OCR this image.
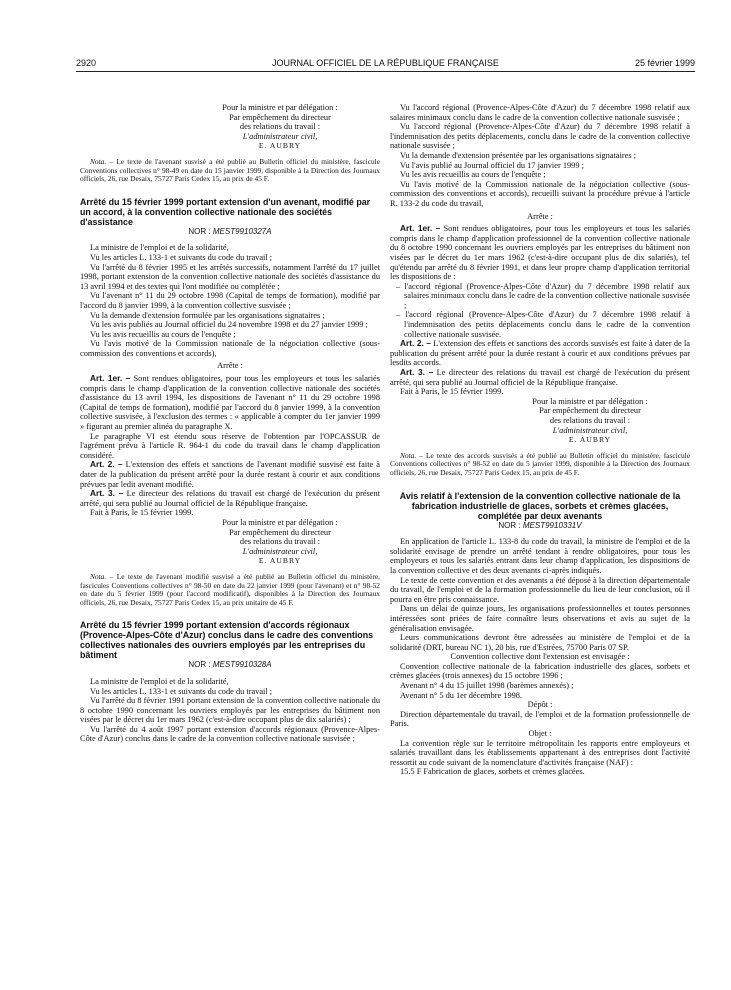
2920	JOURNAL OFFICIEL DE LA RÉPUBLIQUE FRANÇAISE	25 février 1999

Pour la ministre et par délégation :

Par empêchement du directeur

des relations du travail :

L'administrateur civil,

E. AUBRY

Nota. – Le texte de l'avenant susvisé a été publié au Bulletin officiel du ministère, fascicule Conventions collectives n° 98-49 en date du 15 janvier 1999, disponible à la Direction des Journaux officiels, 26, rue Desaix, 75727 Paris Cedex 15, au prix de 45 F.

Arrêté du 15 février 1999 portant extension d'un avenant, modifié par un accord, à la convention collective nationale des sociétés d'assistance

NOR : MESТ9910327A

La ministre de l'emploi et de la solidarité,

Vu les articles L. 133-1 et suivants du code du travail ;

Vu l'arrêté du 8 février 1995 et les arrêtés successifs, notamment l'arrêté du 17 juillet 1998, portant extension de la convention collective nationale des sociétés d'assistance du 13 avril 1994 et des textes qui l'ont modifiée ou complétée ;

Vu l'avenant n° 11 du 29 octobre 1998 (Capital de temps de formation), modifié par l'accord du 8 janvier 1999, à la convention collective susvisée ;

Vu la demande d'extension formulée par les organisations signataires ;

Vu les avis publiés au Journal officiel du 24 novembre 1998 et du 27 janvier 1999 ;

Vu les avis recueillis au cours de l'enquête ;

Vu l'avis motivé de la Commission nationale de la négociation collective (sous-commission des conventions et accords),

Arrête :

Art. 1er. – Sont rendues obligatoires, pour tous les employeurs et tous les salariés compris dans le champ d'application de la convention collective nationale des sociétés d'assistance du 13 avril 1994, les dispositions de l'avenant n° 11 du 29 octobre 1998 (Capital de temps de formation), modifié par l'accord du 8 janvier 1999, à la convention collective susvisée, à l'exclusion des termes : « applicable à compter du 1er janvier 1999 » figurant au premier alinéa du paragraphe X.

Le paragraphe VI est étendu sous réserve de l'obtention par l'OPCASSUR de l'agrément prévu à l'article R. 964-1 du code du travail dans le champ d'application considéré.

Art. 2. – L'extension des effets et sanctions de l'avenant modifié susvisé est faite à dater de la publication du présent arrêté pour la durée restant à courir et aux conditions prévues par ledit avenant modifié.

Art. 3. – Le directeur des relations du travail est chargé de l'exécution du présent arrêté, qui sera publié au Journal officiel de la République française.

Fait à Paris, le 15 février 1999.

Pour la ministre et par délégation :

Par empêchement du directeur

des relations du travail :

L'administrateur civil,

E. AUBRY

Nota. – Le texte de l'avenant modifié susvisé a été publié au Bulletin officiel du ministère, fascicules Conventions collectives n° 98-50 en date du 22 janvier 1999 (pour l'avenant) et n° 98-52 en date du 5 février 1999 (pour l'accord modificatif), disponibles à la Direction des Journaux officiels, 26, rue Desaix, 75727 Paris Cedex 15, au prix unitaire de 45 F.

Arrêté du 15 février 1999 portant extension d'accords régionaux (Provence-Alpes-Côte d'Azur) conclus dans le cadre des conventions collectives nationales des ouvriers employés par les entreprises du bâtiment

NOR : MESТ9910328A

La ministre de l'emploi et de la solidarité,

Vu les articles L. 133-1 et suivants du code du travail ;

Vu l'arrêté du 8 février 1991 portant extension de la convention collective nationale du 8 octobre 1990 concernant les ouvriers employés par les entreprises du bâtiment non visées par le décret du 1er mars 1962 (c'est-à-dire occupant plus de dix salariés) ;

Vu l'arrêté du 4 août 1997 portant extension d'accords régionaux (Provence-Alpes-Côte d'Azur) conclus dans le cadre de la convention collective nationale susvisée ;

Vu l'accord régional (Provence-Alpes-Côte d'Azur) du 7 décembre 1998 relatif aux salaires minimaux conclu dans le cadre de la convention collective nationale susvisée ;

Vu l'accord régional (Provence-Alpes-Côte d'Azur) du 7 décembre 1998 relatif à l'indemnisation des petits déplacements, conclu dans le cadre de la convention collective nationale susvisée ;

Vu la demande d'extension présentée par les organisations signataires ;

Vu l'avis publié au Journal officiel du 17 janvier 1999 ;

Vu les avis recueillis au cours de l'enquête ;

Vu l'avis motivé de la Commission nationale de la négociation collective (sous-commission des conventions et accords), recueilli suivant la procédure prévue à l'article R. 133-2 du code du travail,

Arrête :

Art. 1er. – Sont rendues obligatoires, pour tous les employeurs et tous les salariés compris dans le champ d'application professionnel de la convention collective nationale du 8 octobre 1990 concernant les ouvriers employés par les entreprises du bâtiment non visées par le décret du 1er mars 1962 (c'est-à-dire occupant plus de dix salariés), tel qu'étendu par arrêté du 8 février 1991, et dans leur propre champ d'application territorial les dispositions de :

– l'accord régional (Provence-Alpes-Côte d'Azur) du 7 décembre 1998 relatif aux salaires minimaux conclu dans le cadre de la convention collective nationale susvisée ;

– l'accord régional (Provence-Alpes-Côte d'Azur) du 7 décembre 1998 relatif à l'indemnisation des petits déplacements conclu dans le cadre de la convention collective nationale susvisée.

Art. 2. – L'extension des effets et sanctions des accords susvisés est faite à dater de la publication du présent arrêté pour la durée restant à courir et aux conditions prévues par lesdits accords.

Art. 3. – Le directeur des relations du travail est chargé de l'exécution du présent arrêté, qui sera publié au Journal officiel de la République française.

Fait à Paris, le 15 février 1999.

Pour la ministre et par délégation :

Par empêchement du directeur

des relations du travail :

L'administrateur civil,

E. AUBRY

Nota. – Le texte des accords susvisés a été publié au Bulletin officiel du ministère, fascicule Conventions collectives n° 98-52 en date du 5 janvier 1999, disponible à la Direction des Journaux officiels, 26, rue Desaix, 75727 Paris Cedex 15, au prix de 45 F.

Avis relatif à l'extension de la convention collective nationale de la fabrication industrielle de glaces, sorbets et crèmes glacées, complétée par deux avenants

NOR : MESТ9910331V

En application de l'article L. 133-8 du code du travail, la ministre de l'emploi et de la solidarité envisage de prendre un arrêté tendant à rendre obligatoires, pour tous les employeurs et tous les salariés entrant dans leur champ d'application, les dispositions de la convention collective et des deux avenants ci-après indiqués.

Le texte de cette convention et des avenants a été déposé à la direction départementale du travail, de l'emploi et de la formation professionnelle du lieu de leur conclusion, où il pourra en être pris connaissance.

Dans un délai de quinze jours, les organisations professionnelles et toutes personnes intéressées sont priées de faire connaître leurs observations et avis au sujet de la généralisation envisagée.

Leurs communications devront être adressées au ministère de l'emploi et de la solidarité (DRT, bureau NC 1), 20 bis, rue d'Estrées, 75700 Paris 07 SP.

Convention collective dont l'extension est envisagée :

Convention collective nationale de la fabrication industrielle des glaces, sorbets et crèmes glacées (trois annexes) du 15 octobre 1996 ;

Avenant n° 4 du 15 juillet 1998 (barèmes annexés) ;

Avenant n° 5 du 1er décembre 1998.

Dépôt :

Direction départementale du travail, de l'emploi et de la formation professionnelle de Paris.

Objet :

La convention règle sur le territoire métropolitain les rapports entre employeurs et salariés travaillant dans les établissements appartenant à des entreprises dont l'activité ressortit au code suivant de la nomenclature d'activités française (NAF) :

15.5 F Fabrication de glaces, sorbets et crèmes glacées.
